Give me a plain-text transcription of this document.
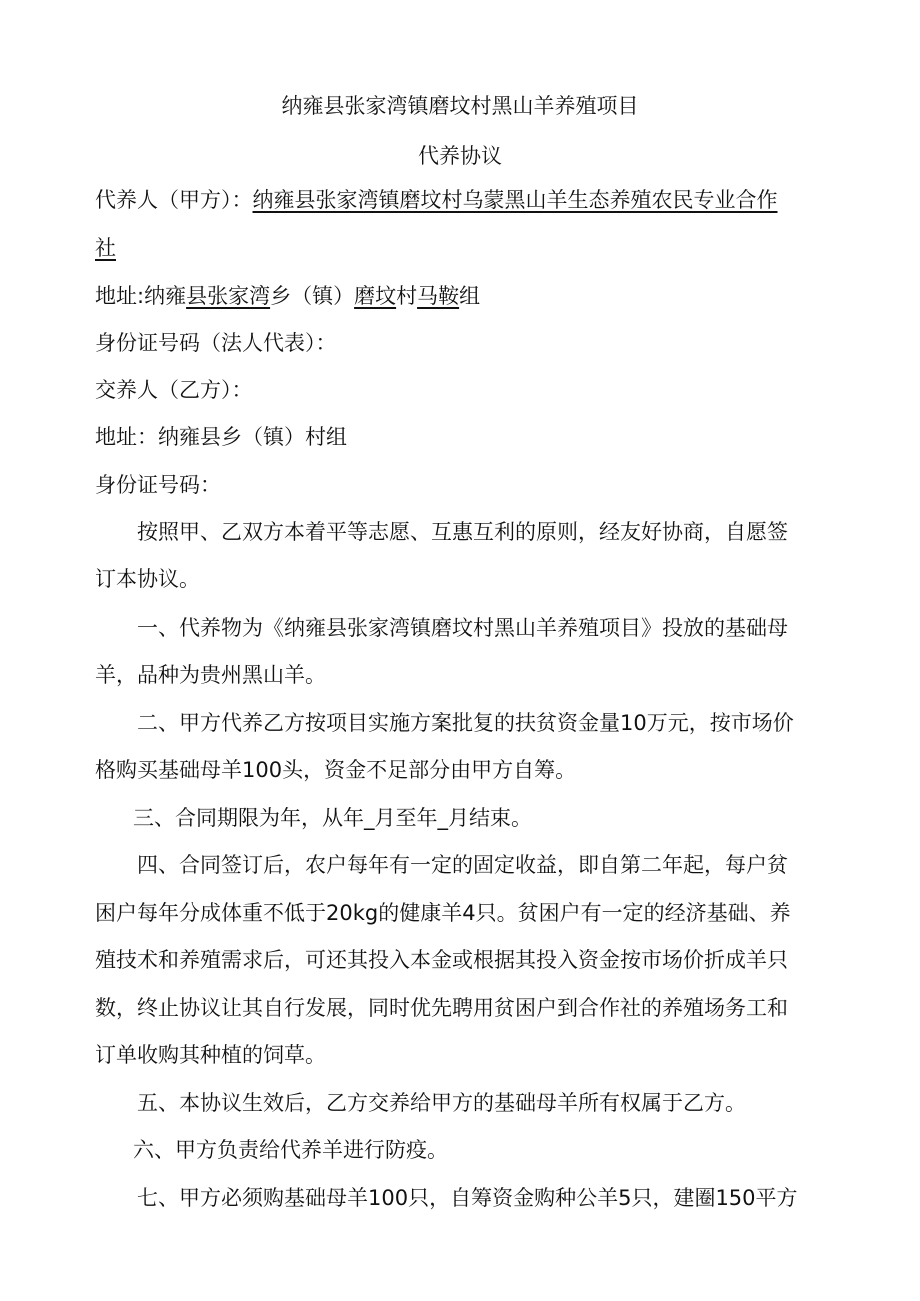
纳雍县张家湾镇磨坟村黑山羊养殖项目
代养协议
代养人（甲方）：纳雍县张家湾镇磨坟村乌蒙黑山羊生态养殖农民专业合作
社
地址:纳雍县张家湾乡（镇）磨坟村马鞍组
身份证号码（法人代表）：
交养人（乙方）：
地址：纳雍县乡（镇）村组
身份证号码：
按照甲、乙双方本着平等志愿、互惠互利的原则，经友好协商，自愿签
订本协议。
一、代养物为《纳雍县张家湾镇磨坟村黑山羊养殖项目》投放的基础母
羊，品种为贵州黑山羊。
二、甲方代养乙方按项目实施方案批复的扶贫资金量10万元，按市场价
格购买基础母羊100头，资金不足部分由甲方自筹。
三、合同期限为年，从年_月至年_月结束。
四、合同签订后，农户每年有一定的固定收益，即自第二年起，每户贫
困户每年分成体重不低于20kg的健康羊4只。贫困户有一定的经济基础、养
殖技术和养殖需求后，可还其投入本金或根据其投入资金按市场价折成羊只
数，终止协议让其自行发展，同时优先聘用贫困户到合作社的养殖场务工和
订单收购其种植的饲草。
五、本协议生效后，乙方交养给甲方的基础母羊所有权属于乙方。
六、甲方负责给代养羊进行防疫。
七、甲方必须购基础母羊100只，自筹资金购种公羊5只，建圈150平方
